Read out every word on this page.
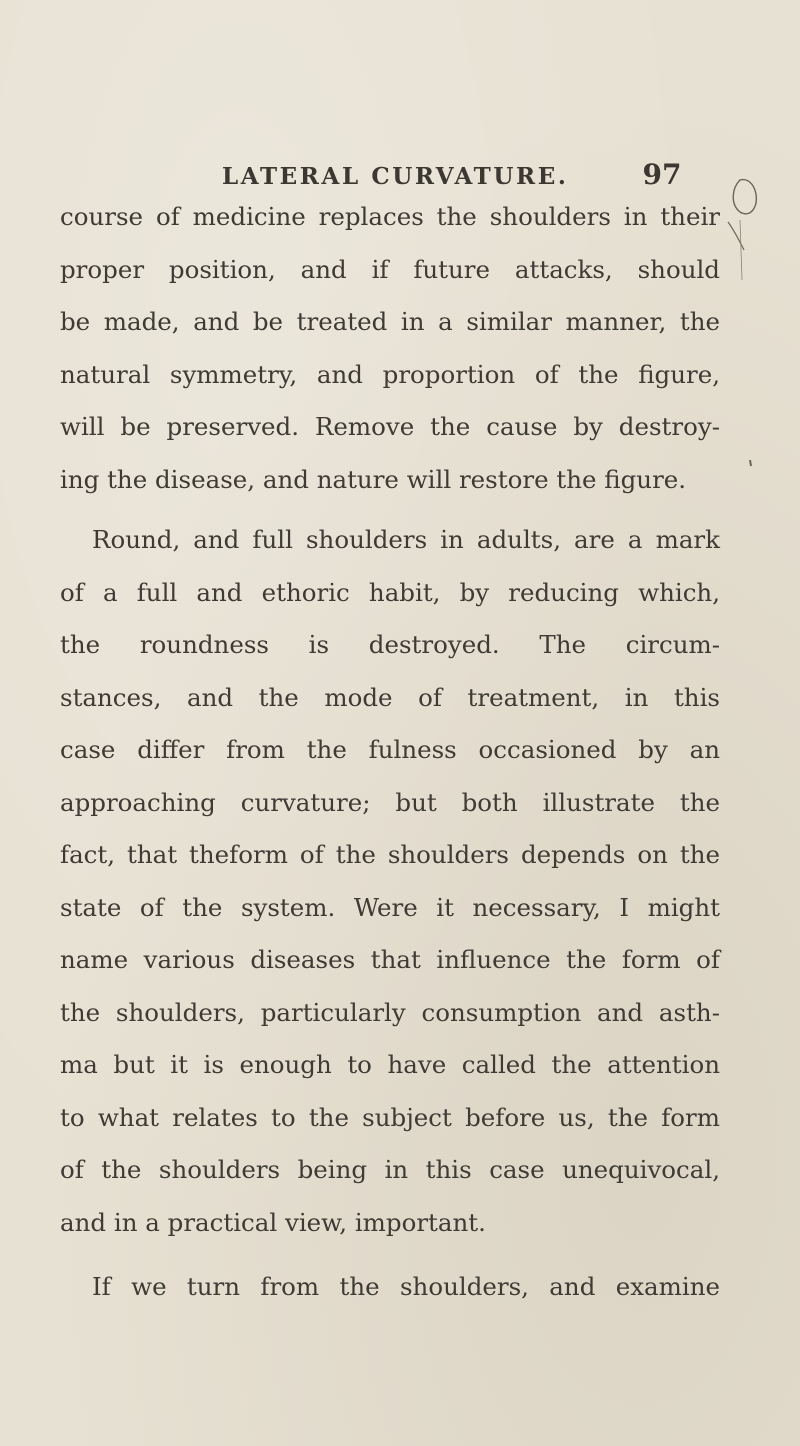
LATERAL CURVATURE.	97
course of medicine replaces the shoulders in their
proper position, and if future attacks, should
be made, and be treated in a similar manner, the
natural symmetry, and proportion of the figure,
will be preserved. Remove the cause by destroy-
ing the disease, and nature will restore the figure.
Round, and full shoulders in adults, are a mark
of a full and ethoric habit, by reducing which,
the roundness is destroyed. The circum-
stances, and the mode of treatment, in this
case differ from the fulness occasioned by an
approaching curvature; but both illustrate the
fact, that theform of the shoulders depends on the
state of the system. Were it necessary, I might
name various diseases that influence the form of
the shoulders, particularly consumption and asth-
ma but it is enough to have called the attention
to what relates to the subject before us, the form
of the shoulders being in this case unequivocal,
and in a practical view, important.
If we turn from the shoulders, and examine
